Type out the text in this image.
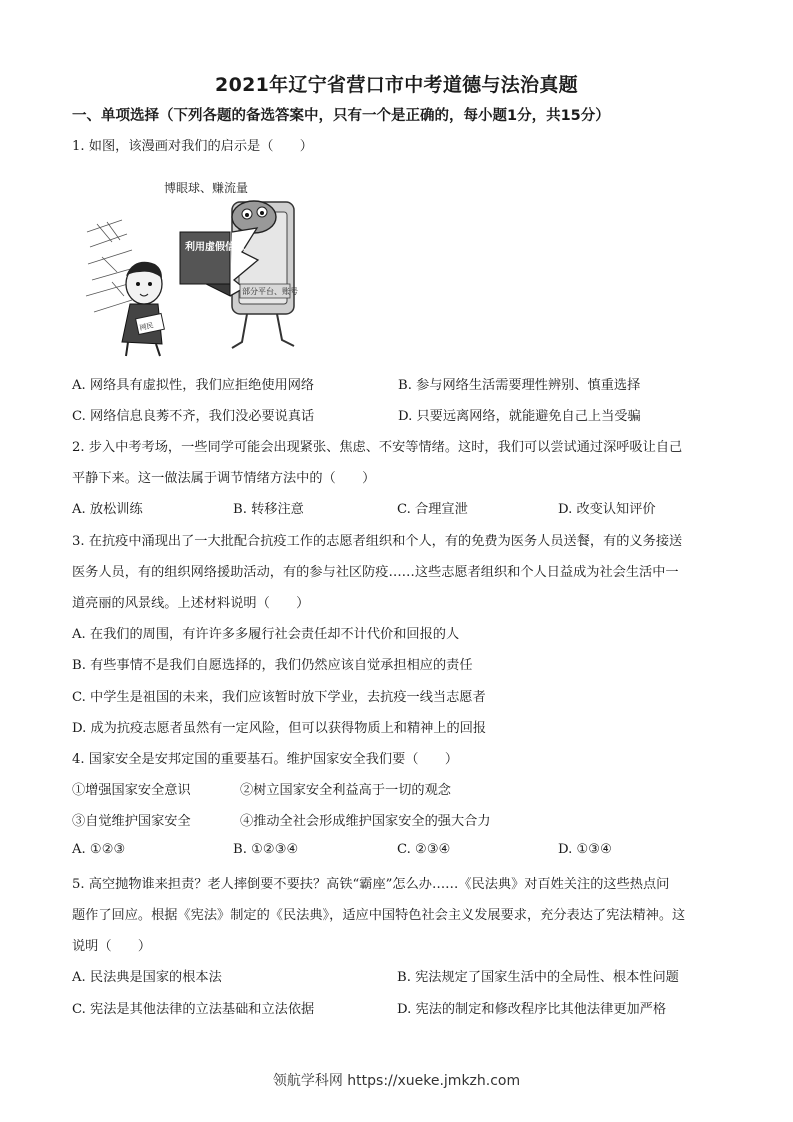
2021年辽宁省营口市中考道德与法治真题
一、单项选择（下列各题的备选答案中，只有一个是正确的，每小题1分，共15分）
1. 如图，该漫画对我们的启示是（　　）
博眼球、赚流量
部分平台、账号
利用虚假信息
网民
A. 网络具有虚拟性，我们应拒绝使用网络	B. 参与网络生活需要理性辨别、慎重选择
C. 网络信息良莠不齐，我们没必要说真话	D. 只要远离网络，就能避免自己上当受骗
2. 步入中考考场，一些同学可能会出现紧张、焦虑、不安等情绪。这时，我们可以尝试通过深呼吸让自己
平静下来。这一做法属于调节情绪方法中的（　　）
A. 放松训练	B. 转移注意	C. 合理宣泄	D. 改变认知评价
3. 在抗疫中涌现出了一大批配合抗疫工作的志愿者组织和个人，有的免费为医务人员送餐，有的义务接送
医务人员，有的组织网络援助活动，有的参与社区防疫……这些志愿者组织和个人日益成为社会生活中一
道亮丽的风景线。上述材料说明（　　）
A. 在我们的周围，有许许多多履行社会责任却不计代价和回报的人
B. 有些事情不是我们自愿选择的，我们仍然应该自觉承担相应的责任
C. 中学生是祖国的未来，我们应该暂时放下学业，去抗疫一线当志愿者
D. 成为抗疫志愿者虽然有一定风险，但可以获得物质上和精神上的回报
4. 国家安全是安邦定国的重要基石。维护国家安全我们要（　　）
①增强国家安全意识	②树立国家安全利益高于一切的观念
③自觉维护国家安全	④推动全社会形成维护国家安全的强大合力
A. ①②③	B. ①②③④	C. ②③④	D. ①③④
5. 高空抛物谁来担责？老人摔倒要不要扶？高铁“霸座”怎么办……《民法典》对百姓关注的这些热点问
题作了回应。根据《宪法》制定的《民法典》，适应中国特色社会主义发展要求，充分表达了宪法精神。这
说明（　　）
A. 民法典是国家的根本法	B. 宪法规定了国家生活中的全局性、根本性问题
C. 宪法是其他法律的立法基础和立法依据	D. 宪法的制定和修改程序比其他法律更加严格
领航学科网 https://xueke.jmkzh.com
